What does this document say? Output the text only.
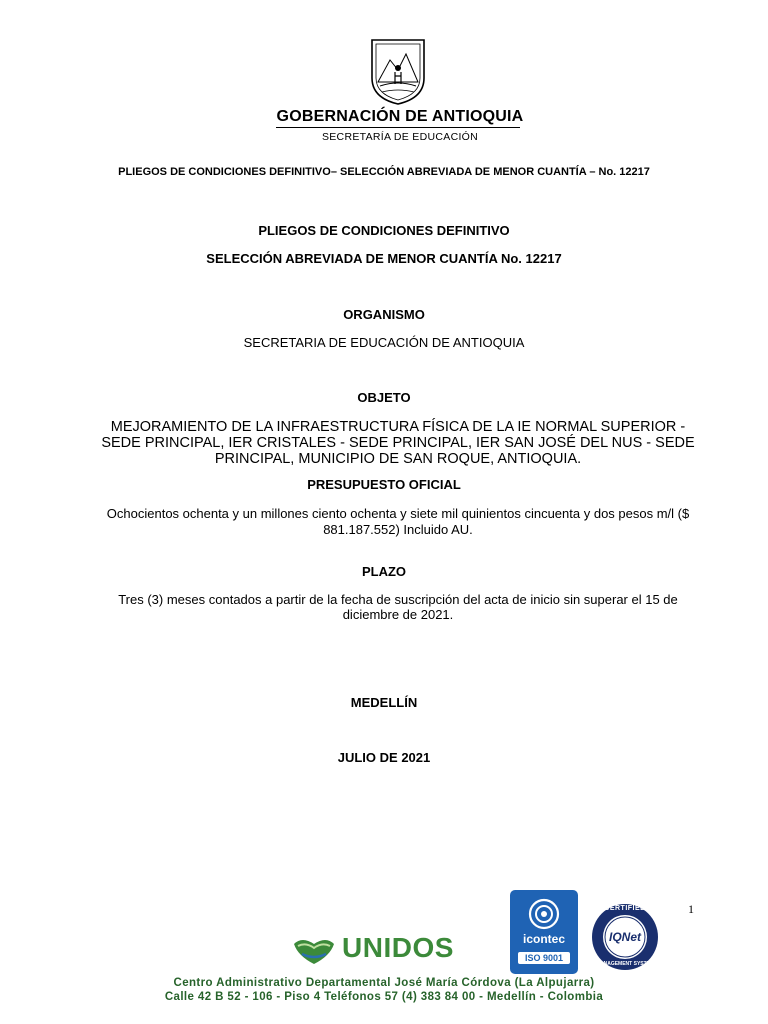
GOBERNACIÓN DE ANTIOQUIA
SECRETARÍA DE EDUCACIÓN
PLIEGOS DE CONDICIONES DEFINITIVO– SELECCIÓN ABREVIADA DE MENOR CUANTÍA – No. 12217
PLIEGOS DE CONDICIONES DEFINITIVO
SELECCIÓN ABREVIADA DE MENOR CUANTÍA No. 12217
ORGANISMO
SECRETARIA DE EDUCACIÓN DE ANTIOQUIA
OBJETO
MEJORAMIENTO DE LA INFRAESTRUCTURA FÍSICA DE LA IE NORMAL SUPERIOR - SEDE PRINCIPAL, IER CRISTALES - SEDE PRINCIPAL, IER SAN JOSÉ DEL NUS - SEDE PRINCIPAL, MUNICIPIO DE SAN ROQUE, ANTIOQUIA.
PRESUPUESTO OFICIAL
Ochocientos ochenta y un millones ciento ochenta y siete mil quinientos cincuenta y dos pesos m/l ($ 881.187.552) Incluido AU.
PLAZO
Tres (3) meses contados a partir de la fecha de suscripción del acta de inicio sin superar el 15 de diciembre de 2021.
MEDELLÍN
JULIO DE 2021
1
UNIDOS	icontec
ISO 9001
CERTIFIED
IQNet
MANAGEMENT SYSTEM
Centro Administrativo Departamental José María Córdova (La Alpujarra)
Calle 42 B 52 - 106 - Piso 4 Teléfonos 57 (4) 383 84 00 - Medellín - Colombia
